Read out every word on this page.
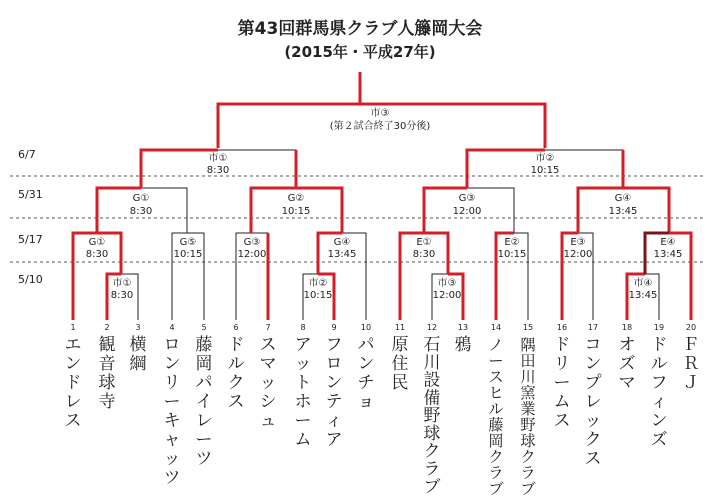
第43回群馬県クラブ人籐岡大会
(2015年・平成27年)
6/7
5/31
5/17
5/10
市③
(第２試合終了30分後)
市①
8:30
市②
10:15
G①
8:30
G②
10:15
G③
12:00
G④
13:45
G①
8:30
G⑤
10:15
G③
12:00
G④
13:45
E①
8:30
E②
10:15
E③
12:00
E④
13:45
市①
8:30
市②
10:15
市③
12:00
市④
13:45
1
エンドレス
2
観音球寺
3
横綱
4
ロンリーキャッツ
5
藤岡パイレーツ
6
ドルクス
7
スマッシュ
8
アットホーム
9
フロンティア
10
パンチョ
11
原住民
12
石川設備野球クラブ
13
鴉
14
ノースヒル藤岡クラブ
15
隅田川窯業野球クラブ
16
ドリームス
17
コンプレックス
18
オズマ
19
ドルフィンズ
20
ＦＲＪ
